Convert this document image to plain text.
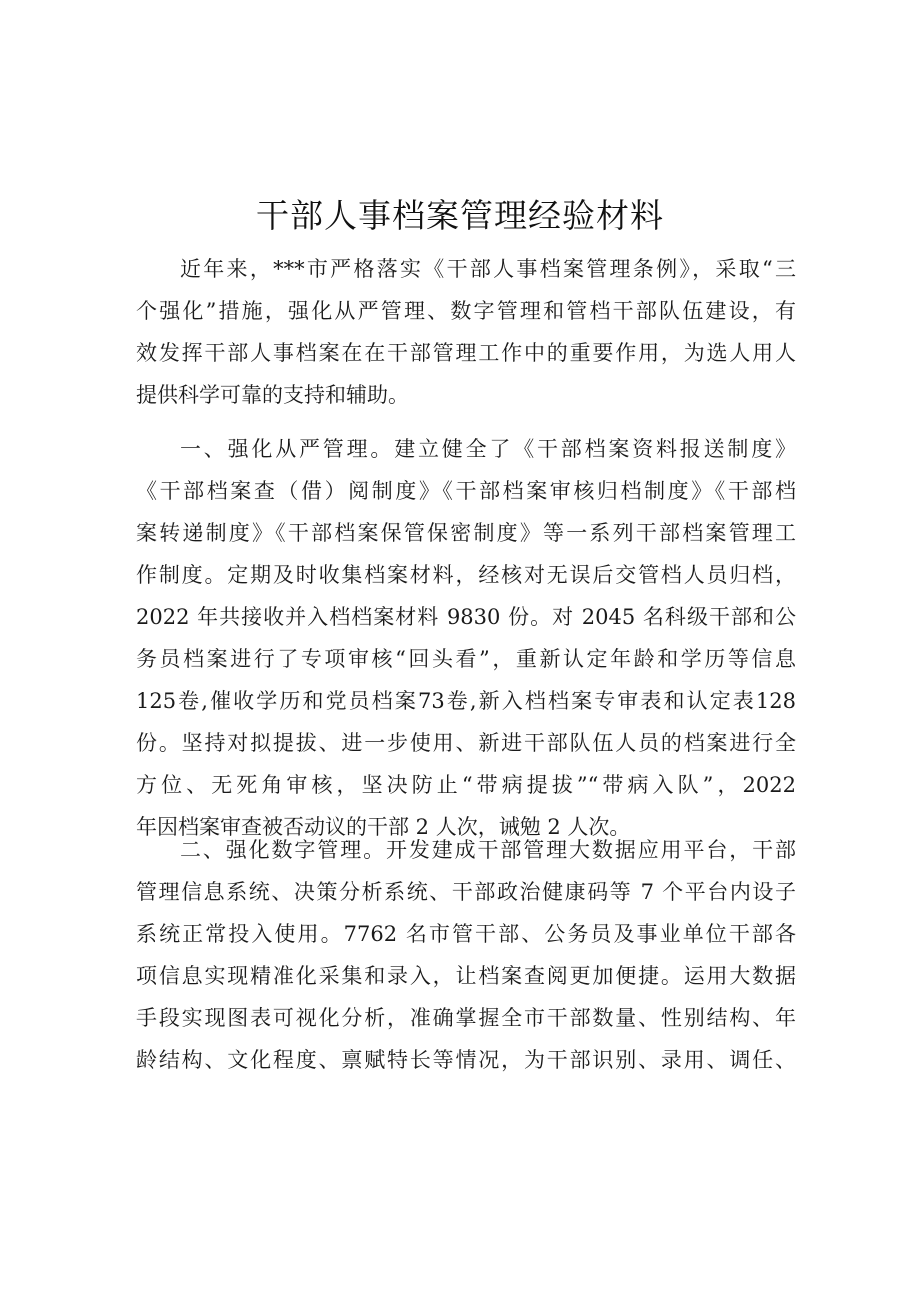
干部人事档案管理经验材料
近年来，***市严格落实《干部人事档案管理条例》，采取“三
个强化”措施，强化从严管理、数字管理和管档干部队伍建设，有
效发挥干部人事档案在在干部管理工作中的重要作用，为选人用人
提供科学可靠的支持和辅助。
一、强化从严管理。建立健全了《干部档案资料报送制度》
《干部档案查（借）阅制度》《干部档案审核归档制度》《干部档
案转递制度》《干部档案保管保密制度》等一系列干部档案管理工
作制度。定期及时收集档案材料，经核对无误后交管档人员归档，
2022 年共接收并入档档案材料 9830 份。对 2045 名科级干部和公
务员档案进行了专项审核“回头看”，重新认定年龄和学历等信息
125卷,催收学历和党员档案73卷,新入档档案专审表和认定表128
份。坚持对拟提拔、进一步使用、新进干部队伍人员的档案进行全
方位、无死角审核，坚决防止“带病提拔”“带病入队”，2022
年因档案审查被否动议的干部 2 人次，诫勉 2 人次。
二、强化数字管理。开发建成干部管理大数据应用平台，干部
管理信息系统、决策分析系统、干部政治健康码等 7 个平台内设子
系统正常投入使用。7762 名市管干部、公务员及事业单位干部各
项信息实现精准化采集和录入，让档案查阅更加便捷。运用大数据
手段实现图表可视化分析，准确掌握全市干部数量、性别结构、年
龄结构、文化程度、禀赋特长等情况，为干部识别、录用、调任、
